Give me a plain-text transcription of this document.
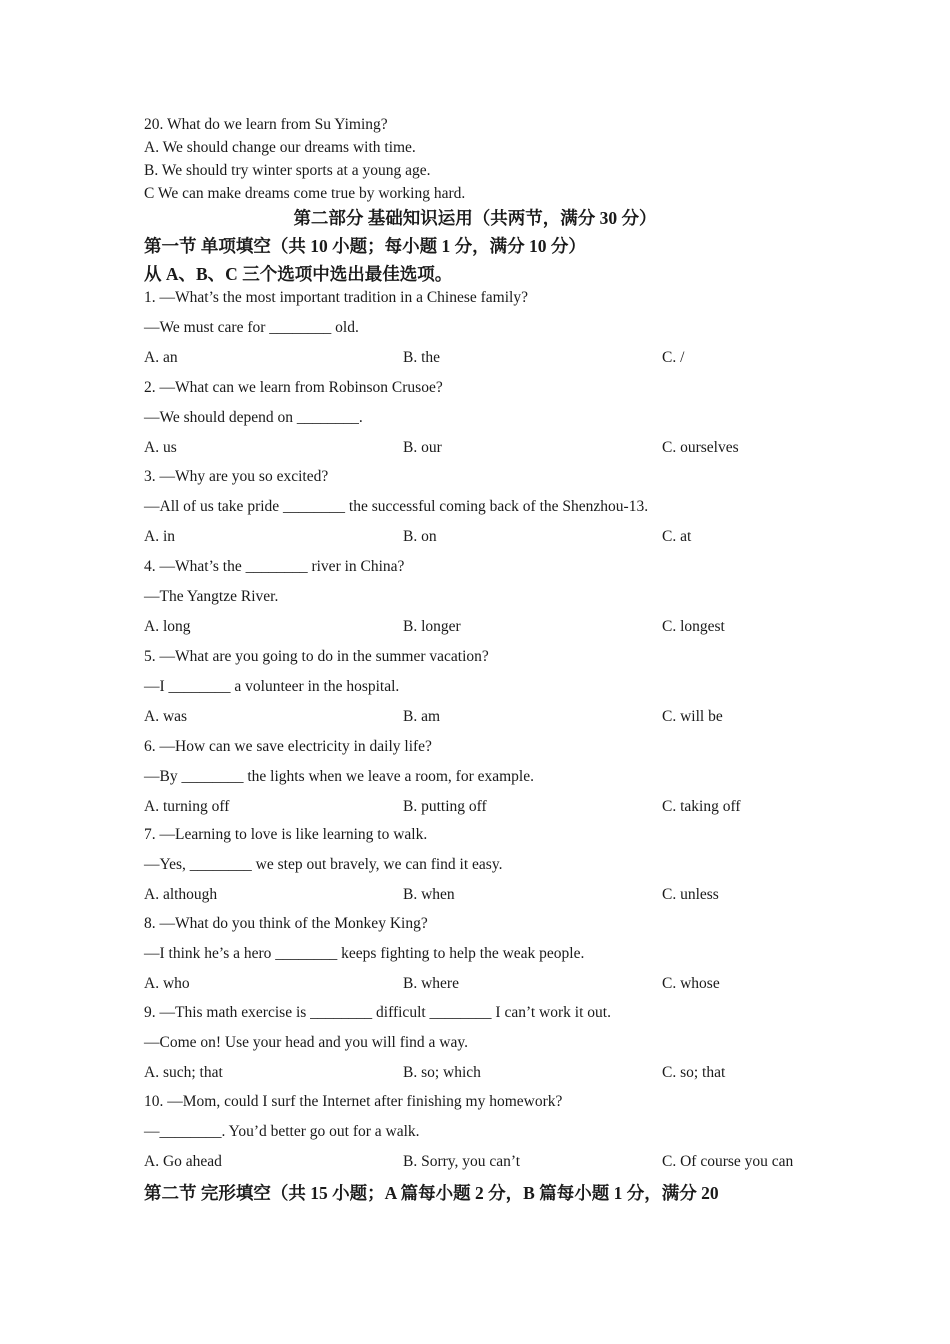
20. What do we learn from Su Yiming?
A. We should change our dreams with time.
B. We should try winter sports at a young age.
C We can make dreams come true by working hard.
第二部分 基础知识运用（共两节，满分 30 分）
第一节 单项填空（共 10 小题；每小题 1 分，满分 10 分）
从 A、B、C 三个选项中选出最佳选项。
1. —What’s the most important tradition in a Chinese family?
—We must care for ________ old.
A. an	B. the	C. /
2. —What can we learn from Robinson Crusoe?
—We should depend on ________.
A. us	B. our	C. ourselves
3. —Why are you so excited?
—All of us take pride ________ the successful coming back of the Shenzhou-13.
A. in	B. on	C. at
4. —What’s the ________ river in China?
—The Yangtze River.
A. long	B. longer	C. longest
5. —What are you going to do in the summer vacation?
—I ________ a volunteer in the hospital.
A. was	B. am	C. will be
6. —How can we save electricity in daily life?
—By ________ the lights when we leave a room, for example.
A. turning off	B. putting off	C. taking off
7. —Learning to love is like learning to walk.
—Yes, ________ we step out bravely, we can find it easy.
A. although	B. when	C. unless
8. —What do you think of the Monkey King?
—I think he’s a hero ________ keeps fighting to help the weak people.
A. who	B. where	C. whose
9. —This math exercise is ________ difficult ________ I can’t work it out.
—Come on! Use your head and you will find a way.
A. such; that	B. so; which	C. so; that
10. —Mom, could I surf the Internet after finishing my homework?
—________. You’d better go out for a walk.
A. Go ahead	B. Sorry, you can’t	C. Of course you can
第二节 完形填空（共 15 小题；A 篇每小题 2 分，B 篇每小题 1 分，满分 20
